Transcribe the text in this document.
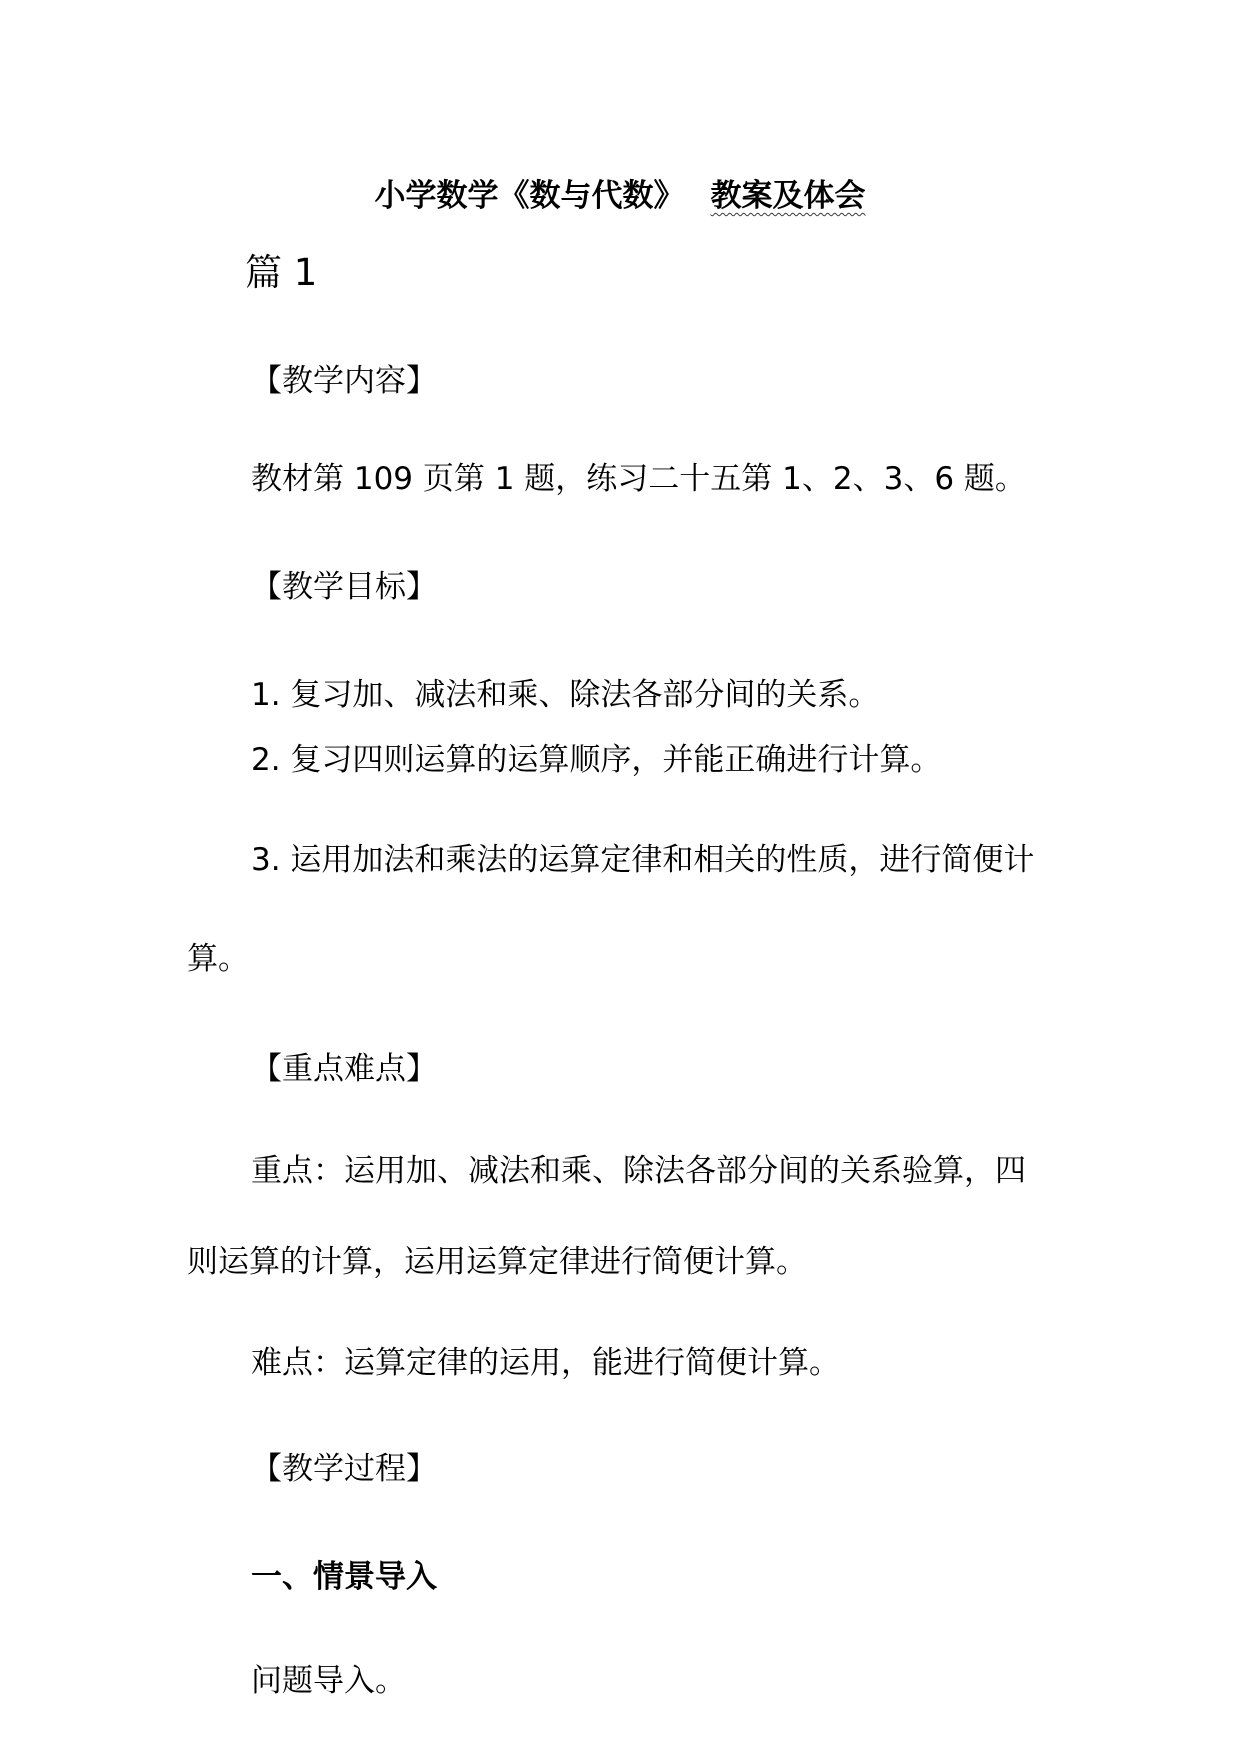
小学数学《数与代数》 教案及体会
篇 1
【教学内容】
教材第 109 页第 1 题，练习二十五第 1、2、3、6 题。
【教学目标】
1. 复习加、减法和乘、除法各部分间的关系。
2. 复习四则运算的运算顺序，并能正确进行计算。
3. 运用加法和乘法的运算定律和相关的性质，进行简便计
算。
【重点难点】
重点：运用加、减法和乘、除法各部分间的关系验算，四
则运算的计算，运用运算定律进行简便计算。
难点：运算定律的运用，能进行简便计算。
【教学过程】
一、情景导入
问题导入。
